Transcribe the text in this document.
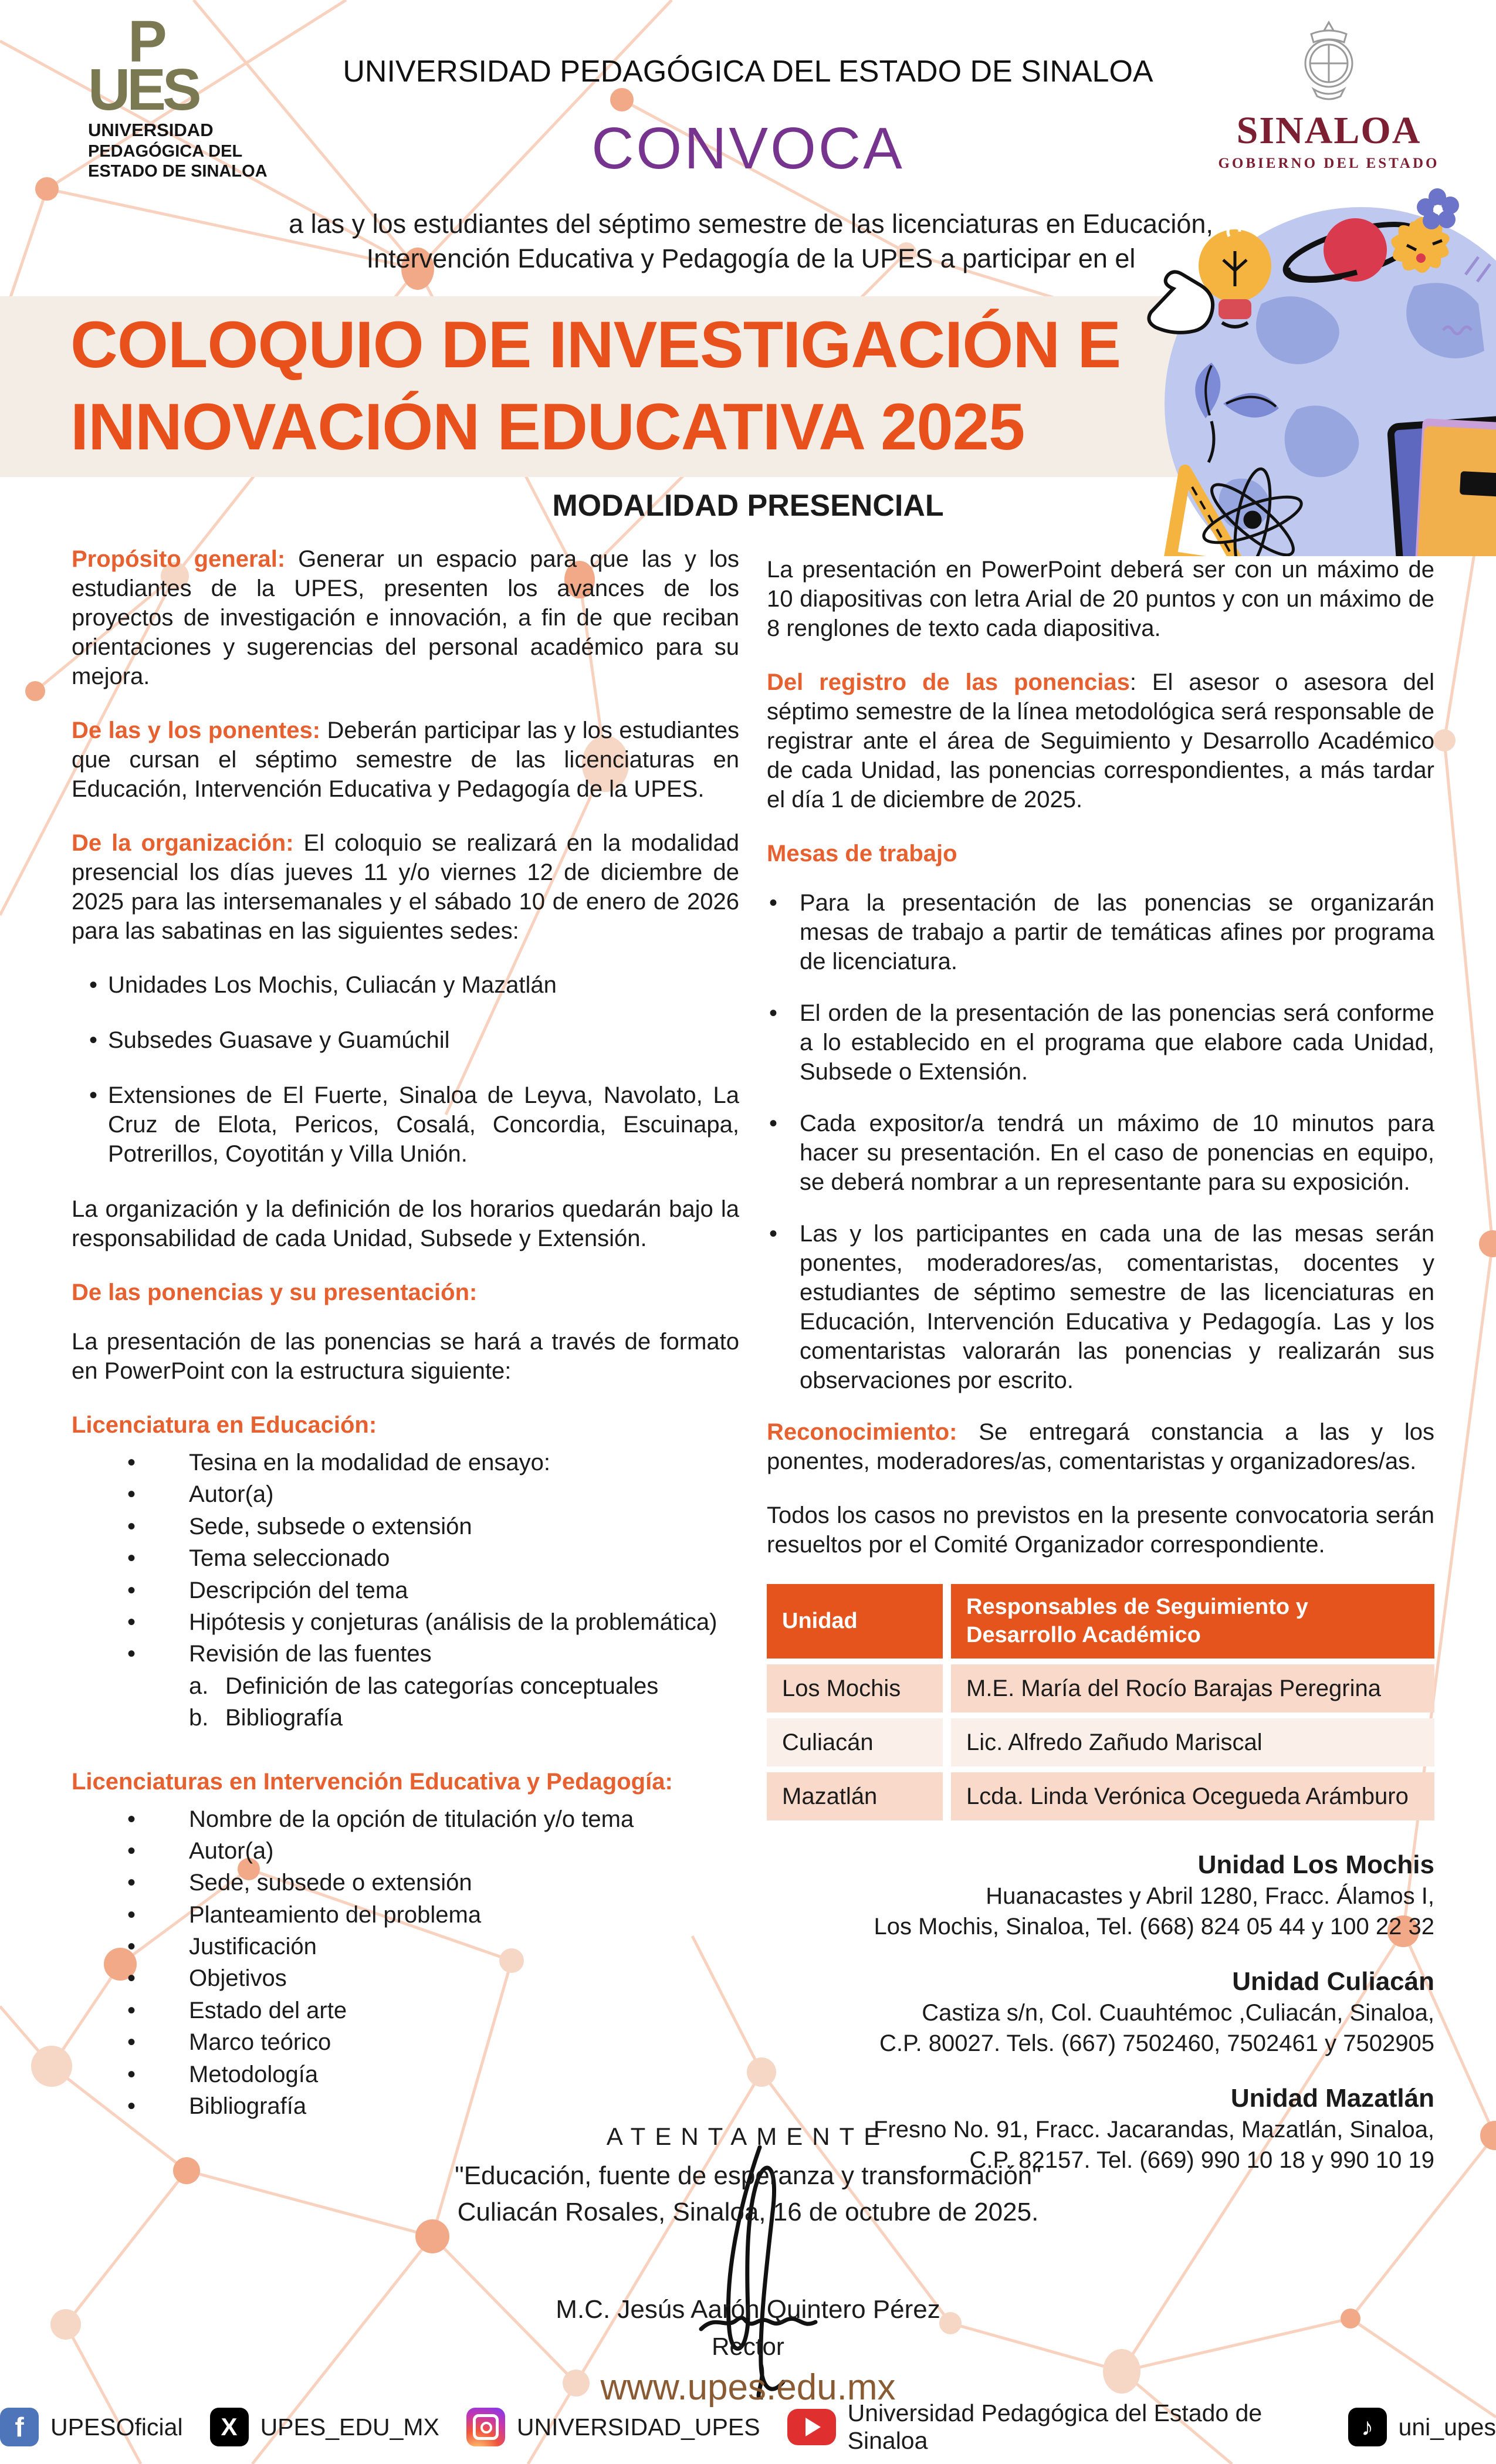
P
UES
UNIVERSIDAD
PEDAGÓGICA DEL
ESTADO DE SINALOA
UNIVERSIDAD PEDAGÓGICA DEL ESTADO DE SINALOA
CONVOCA
a las y los estudiantes del séptimo semestre de las licenciaturas en Educación, Intervención Educativa y Pedagogía de la UPES a participar en el
SINALOA
GOBIERNO DEL ESTADO
COLOQUIO DE INVESTIGACIÓN E
INNOVACIÓN EDUCATIVA 2025
MODALIDAD PRESENCIAL

Propósito general: Generar un espacio para que las y los estudiantes de la UPES, presenten los avances de los proyectos de investigación e innovación, a fin de que reciban orientaciones y sugerencias del personal académico para su mejora.

De las y los ponentes: Deberán participar las y los estudiantes que cursan el séptimo semestre de las licenciaturas en Educación, Intervención Educativa y Pedagogía de la UPES.

De la organización: El coloquio se realizará en la modalidad presencial los días jueves 11 y/o viernes 12 de diciembre de 2025 para las intersemanales y el sábado 10 de enero de 2026 para las sabatinas en las siguientes sedes:

• Unidades Los Mochis, Culiacán y Mazatlán
• Subsedes Guasave y Guamúchil
• Extensiones de El Fuerte, Sinaloa de Leyva, Navolato, La Cruz de Elota, Pericos, Cosalá, Concordia, Escuinapa, Potrerillos, Coyotitán y Villa Unión.

La organización y la definición de los horarios quedarán bajo la responsabilidad de cada Unidad, Subsede y Extensión.

De las ponencias y su presentación:

La presentación de las ponencias se hará a través de formato en PowerPoint con la estructura siguiente:

Licenciatura en Educación:

• Tesina en la modalidad de ensayo:
• Autor(a)
• Sede, subsede o extensión
• Tema seleccionado
• Descripción del tema
• Hipótesis y conjeturas (análisis de la problemática)
• Revisión de las fuentes
a. Definición de las categorías conceptuales
b. Bibliografía

Licenciaturas en Intervención Educativa y Pedagogía:

• Nombre de la opción de titulación y/o tema
• Autor(a)
• Sede, subsede o extensión
• Planteamiento del problema
• Justificación
• Objetivos
• Estado del arte
• Marco teórico
• Metodología
• Bibliografía

La presentación en PowerPoint deberá ser con un máximo de 10 diapositivas con letra Arial de 20 puntos y con un máximo de 8 renglones de texto cada diapositiva.

Del registro de las ponencias: El asesor o asesora del séptimo semestre de la línea metodológica será responsable de registrar ante el área de Seguimiento y Desarrollo Académico de cada Unidad, las ponencias correspondientes, a más tardar el día 1 de diciembre de 2025.

Mesas de trabajo

• Para la presentación de las ponencias se organizarán mesas de trabajo a partir de temáticas afines por programa de licenciatura.
• El orden de la presentación de las ponencias será conforme a lo establecido en el programa que elabore cada Unidad, Subsede o Extensión.
• Cada expositor/a tendrá un máximo de 10 minutos para hacer su presentación. En el caso de ponencias en equipo, se deberá nombrar a un representante para su exposición.
• Las y los participantes en cada una de las mesas serán ponentes, moderadores/as, comentaristas, docentes y estudiantes de séptimo semestre de las licenciaturas en Educación, Intervención Educativa y Pedagogía. Las y los comentaristas valorarán las ponencias y realizarán sus observaciones por escrito.

Reconocimiento: Se entregará constancia a las y los ponentes, moderadores/as, comentaristas y organizadores/as.

Todos los casos no previstos en la presente convocatoria serán resueltos por el Comité Organizador correspondiente.

Unidad
Responsables de Seguimiento y Desarrollo Académico
Los Mochis	M.E. María del Rocío Barajas Peregrina
Culiacán	Lic. Alfredo Zañudo Mariscal
Mazatlán	Lcda. Linda Verónica Ocegueda Arámburo
Unidad Los Mochis
Huanacastes y Abril 1280, Fracc. Álamos I,
Los Mochis, Sinaloa, Tel. (668) 824 05 44 y 100 22 32
Unidad Culiacán
Castiza s/n, Col. Cuauhtémoc ,Culiacán, Sinaloa,
C.P. 80027. Tels. (667) 7502460, 7502461 y 7502905
Unidad Mazatlán
Fresno No. 91, Fracc. Jacarandas, Mazatlán, Sinaloa,
C.P. 82157. Tel. (669) 990 10 18 y 990 10 19
ATENTAMENTE
"Educación, fuente de esperanza y transformación"
Culiacán Rosales, Sinaloa, 16 de octubre de 2025.
M.C. Jesús Aarón Quintero Pérez
Rector
www.upes.edu.mx
f	UPESOficial	X UPES_EDU_MX	UNIVERSIDAD_UPES
Universidad Pedagógica del Estado de Sinaloa	♪	uni_upes
